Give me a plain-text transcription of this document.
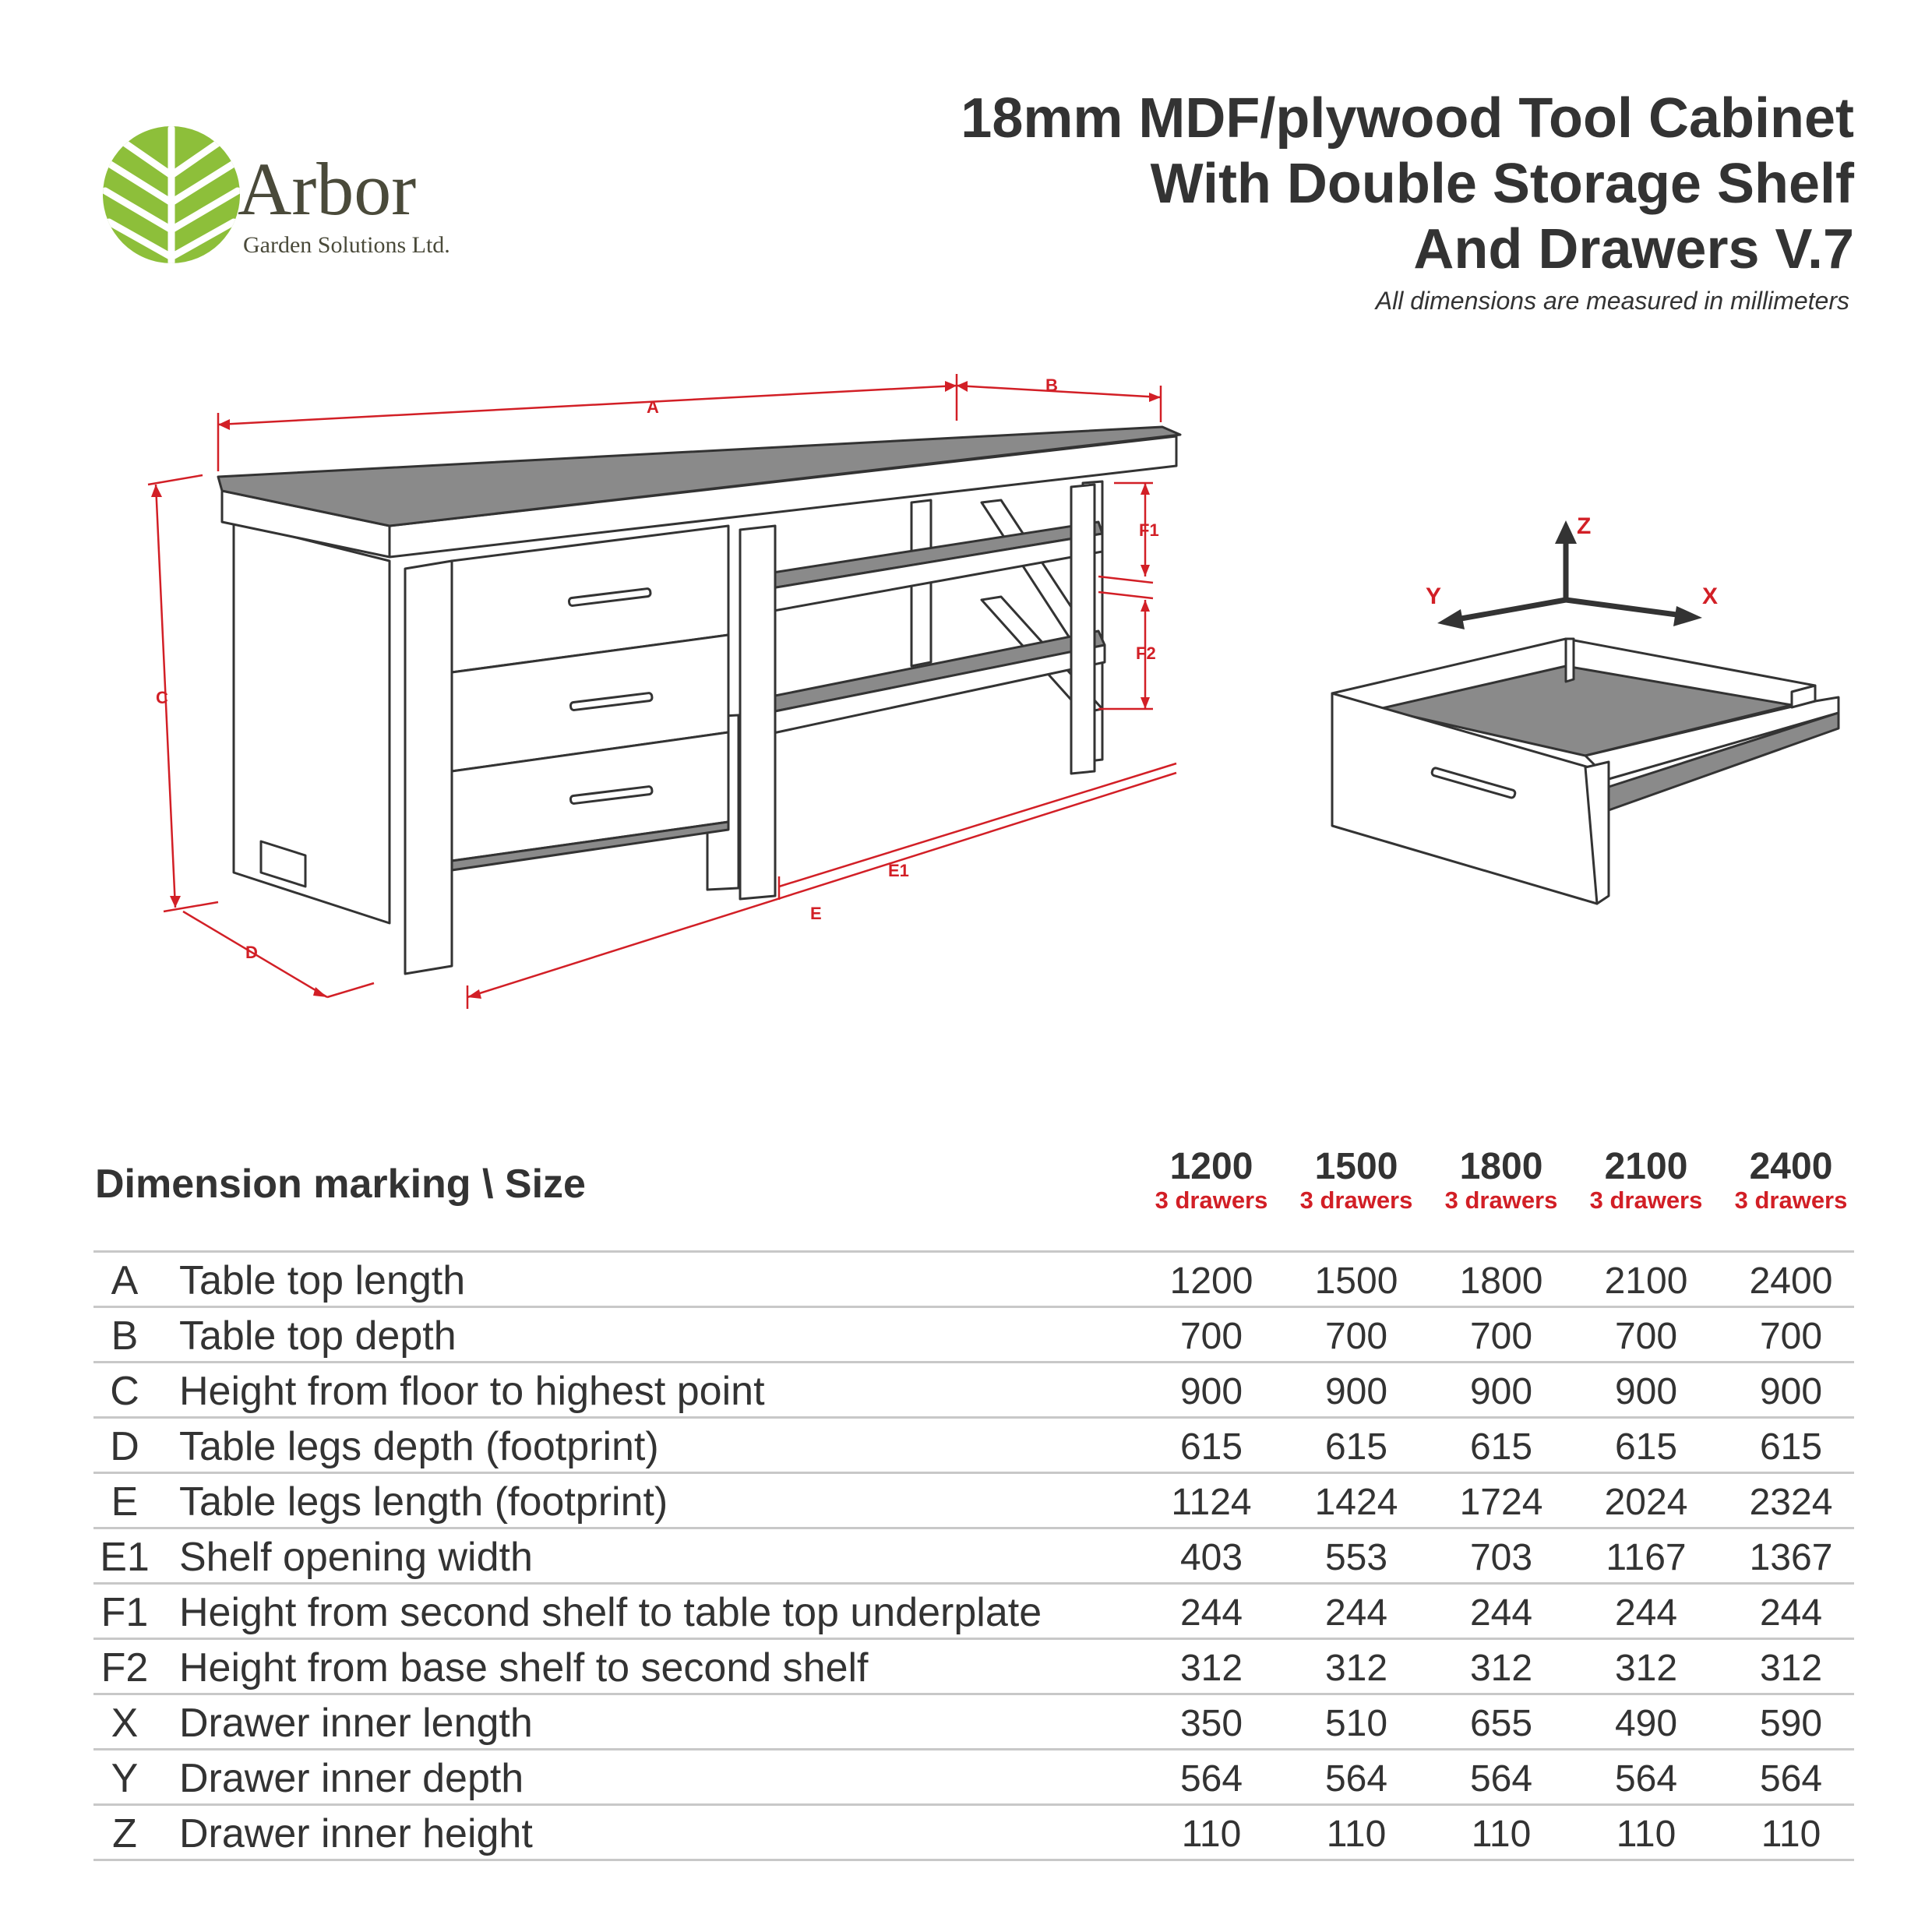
Arbor
Garden Solutions Ltd.
18mm MDF/plywood Tool Cabinet
With Double Storage Shelf
And Drawers V.7
All dimensions are measured in millimeters
A
B
C
D
E1
E
F1
F2
Z
Y	X
Dimension marking \ Size	1200
3 drawers
1500
3 drawers
1800
3 drawers
2100
3 drawers
2400
3 drawers
A	Table top length	1200	1500	1800	2100	2400
B	Table top depth	700	700	700	700	700
C Height from floor to highest point	900	900	900	900	900
D Table legs depth (footprint)	615	615	615	615	615
E	Table legs length (footprint)	1124	1424	1724	2024	2324
E1 Shelf opening width	403	553	703	1167	1367
F1 Height from second shelf to table top underplate	244	244	244	244	244
F2 Height from base shelf to second shelf	312	312	312	312	312
X	Drawer inner length	350	510	655	490	590
Y	Drawer inner depth	564	564	564	564	564
Z	Drawer inner height	110	110	110	110	110
